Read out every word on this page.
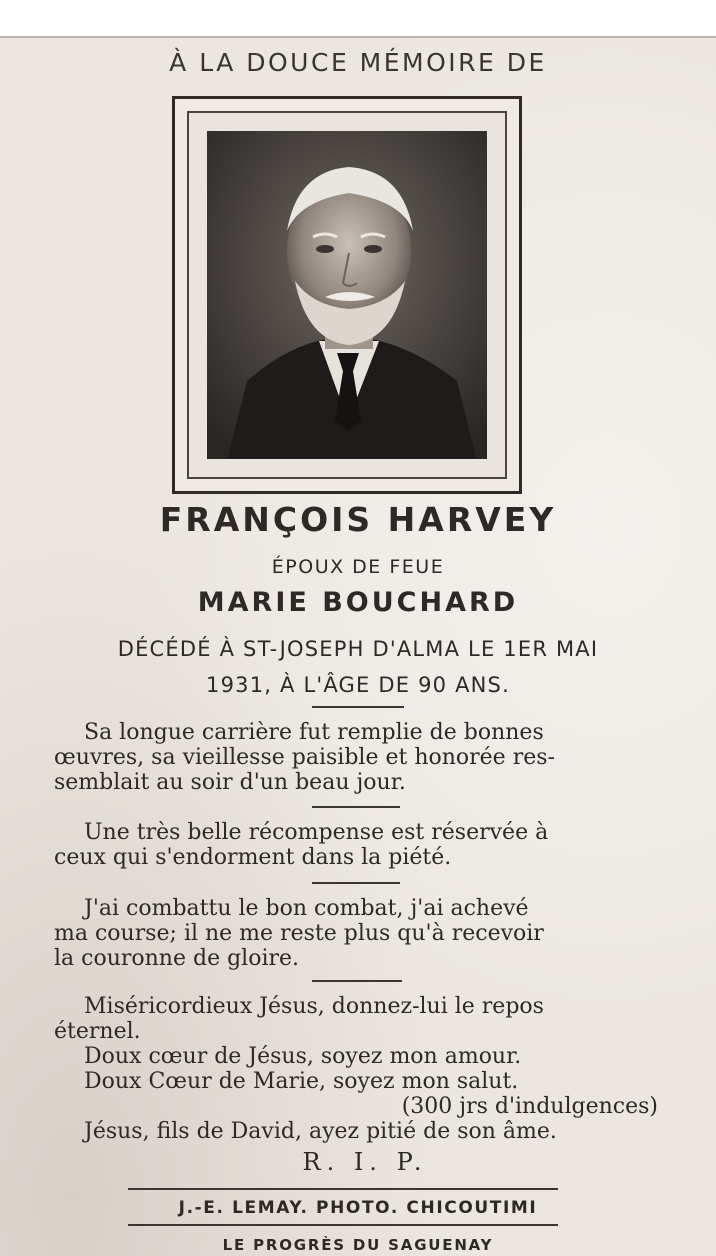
À LA DOUCE MÉMOIRE DE
FRANÇOIS HARVEY
ÉPOUX DE FEUE
MARIE BOUCHARD
DÉCÉDÉ À ST-JOSEPH D'ALMA LE 1ER MAI
1931, À L'ÂGE DE 90 ANS.
Sa longue carrière fut remplie de bonnes
œuvres, sa vieillesse paisible et honorée res-
semblait au soir d'un beau jour.
Une très belle récompense est réservée à
ceux qui s'endorment dans la piété.
J'ai combattu le bon combat, j'ai achevé
ma course; il ne me reste plus qu'à recevoir
la couronne de gloire.
Miséricordieux Jésus, donnez-lui le repos
éternel.
Doux cœur de Jésus, soyez mon amour.
Doux Cœur de Marie, soyez mon salut.
(300 jrs d'indulgences)
Jésus, fils de David, ayez pitié de son âme.
R. I. P.
J.-E. LEMAY. PHOTO. CHICOUTIMI
LE PROGRÈS DU SAGUENAY
